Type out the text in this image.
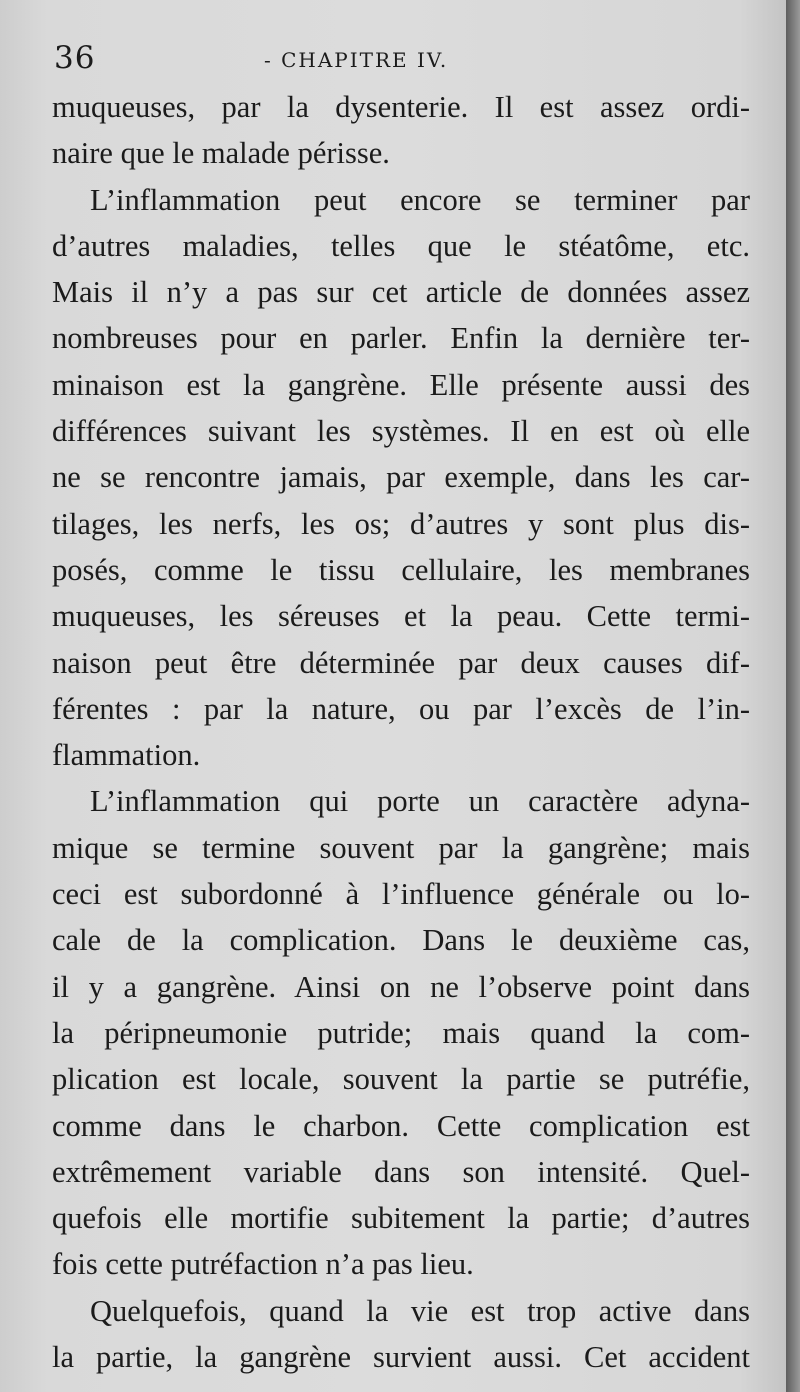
36	- CHAPITRE IV.
muqueuses, par la dysenterie. Il est assez ordi-
naire que le malade périsse.
L’inflammation peut encore se terminer par
d’autres maladies, telles que le stéatôme, etc.
Mais il n’y a pas sur cet article de données assez
nombreuses pour en parler. Enfin la dernière ter-
minaison est la gangrène. Elle présente aussi des
différences suivant les systèmes. Il en est où elle
ne se rencontre jamais, par exemple, dans les car-
tilages, les nerfs, les os; d’autres y sont plus dis-
posés, comme le tissu cellulaire, les membranes
muqueuses, les séreuses et la peau. Cette termi-
naison peut être déterminée par deux causes dif-
férentes : par la nature, ou par l’excès de l’in-
flammation.
L’inflammation qui porte un caractère adyna-
mique se termine souvent par la gangrène; mais
ceci est subordonné à l’influence générale ou lo-
cale de la complication. Dans le deuxième cas,
il y a gangrène. Ainsi on ne l’observe point dans
la péripneumonie putride; mais quand la com-
plication est locale, souvent la partie se putréfie,
comme dans le charbon. Cette complication est
extrêmement variable dans son intensité. Quel-
quefois elle mortifie subitement la partie; d’autres
fois cette putréfaction n’a pas lieu.
Quelquefois, quand la vie est trop active dans
la partie, la gangrène survient aussi. Cet accident
